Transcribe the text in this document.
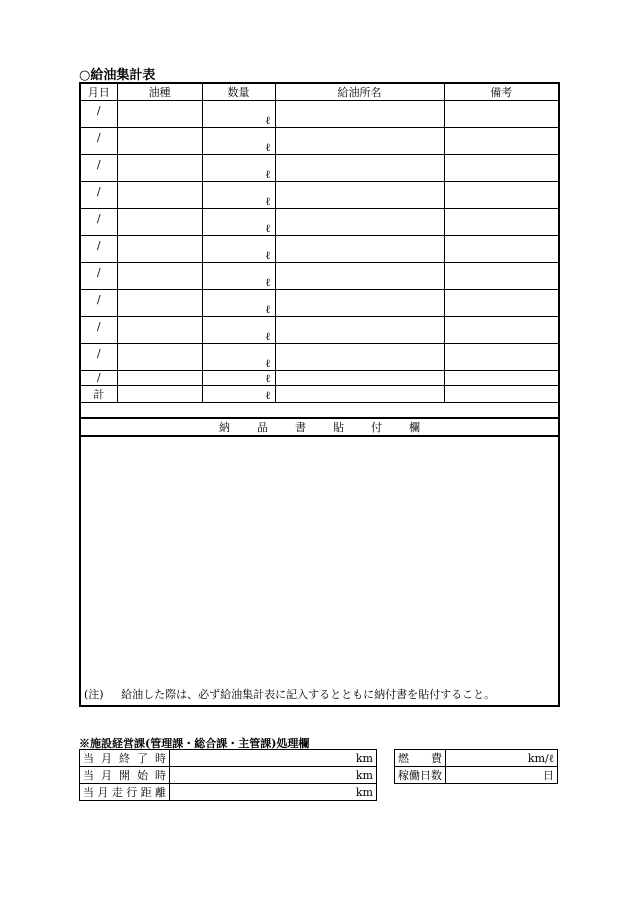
○給油集計表
月日	油種	数量	給油所名	備考
/		ℓ		
/		ℓ		
/		ℓ		
/		ℓ		
/		ℓ		
/		ℓ		
/		ℓ		
/		ℓ		
/		ℓ		
/		ℓ		
/		ℓ		
計		ℓ		

納品書貼付欄				

(注) 給油した際は、必ず給油集計表に記入するとともに納付書を貼付すること。
※施設経営課(管理課・総合課・主管課)処理欄
当月終了時	km
当月開始時	km
当月走行距離	km
燃費	km/ℓ
稼働日数	日
